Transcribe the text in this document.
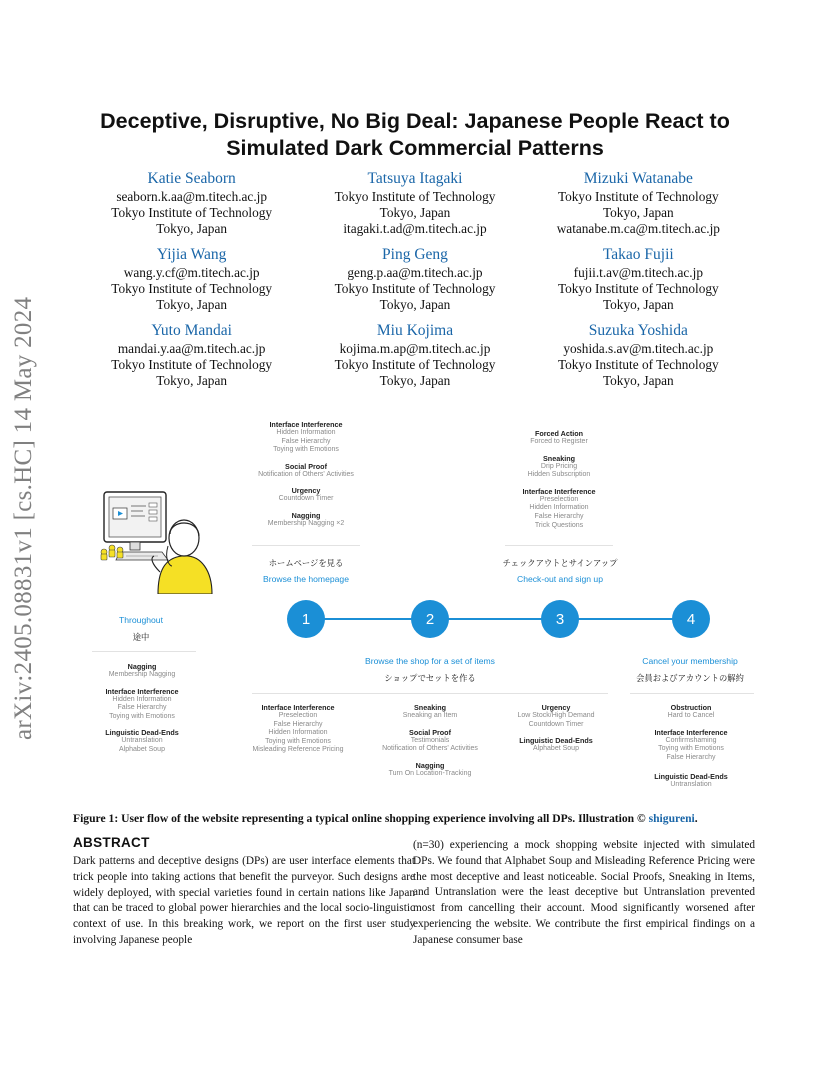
arXiv:2405.08831v1 [cs.HC] 14 May 2024
Deceptive, Disruptive, No Big Deal: Japanese People React to
Simulated Dark Commercial Patterns
Katie Seaborn
seaborn.k.aa@m.titech.ac.jp
Tokyo Institute of Technology
Tokyo, Japan
Tatsuya Itagaki
Tokyo Institute of Technology
Tokyo, Japan
itagaki.t.ad@m.titech.ac.jp
Mizuki Watanabe
Tokyo Institute of Technology
Tokyo, Japan
watanabe.m.ca@m.titech.ac.jp
Yijia Wang
wang.y.cf@m.titech.ac.jp
Tokyo Institute of Technology
Tokyo, Japan
Ping Geng
geng.p.aa@m.titech.ac.jp
Tokyo Institute of Technology
Tokyo, Japan
Takao Fujii
fujii.t.av@m.titech.ac.jp
Tokyo Institute of Technology
Tokyo, Japan
Yuto Mandai
mandai.y.aa@m.titech.ac.jp
Tokyo Institute of Technology
Tokyo, Japan
Miu Kojima
kojima.m.ap@m.titech.ac.jp
Tokyo Institute of Technology
Tokyo, Japan
Suzuka Yoshida
yoshida.s.av@m.titech.ac.jp
Tokyo Institute of Technology
Tokyo, Japan
1	2	3	4
ホームページを見る
Browse the homepage
チェックアウトとサインアップ
Check-out and sign up
Browse the shop for a set of items
ショップでセットを作る
Cancel your membership
会員およびアカウントの解約
Throughout
途中
Interface Interference
Hidden Information
False Hierarchy
Toying with Emotions
Social Proof
Notification of Others' Activities
Urgency
Countdown Timer
Nagging
Membership Nagging ×2
Forced Action
Forced to Register
Sneaking
Drip Pricing
Hidden Subscription
Interface Interference
Preselection
Hidden Information
False Hierarchy
Trick Questions
Nagging
Membership Nagging
Interface Interference
Hidden Information
False Hierarchy
Toying with Emotions
Linguistic Dead-Ends
Untranslation
Alphabet Soup
Interface Interference
Preselection
False Hierarchy
Hidden Information
Toying with Emotions
Misleading Reference Pricing
Sneaking
Sneaking an Item
Social Proof
Testimonials
Notification of Others' Activities
Nagging
Turn On Location-Tracking
Urgency
Low Stock/High Demand
Countdown Timer
Linguistic Dead-Ends
Alphabet Soup
Obstruction
Hard to Cancel
Interface Interference
Confirmshaming
Toying with Emotions
False Hierarchy
Linguistic Dead-Ends
Untranslation
Figure 1: User flow of the website representing a typical online shopping experience involving all DPs. Illustration © shigureni.
ABSTRACT
Dark patterns and deceptive designs (DPs) are user interface elements that trick people into taking actions that benefit the purveyor. Such designs are widely deployed, with special varieties found in certain nations like Japan that can be traced to global power hierarchies and the local socio-linguistic context of use. In this breaking work, we report on the first user study involving Japanese people
(n=30) experiencing a mock shopping website injected with simulated DPs. We found that Alphabet Soup and Misleading Reference Pricing were the most deceptive and least noticeable. Social Proofs, Sneaking in Items, and Untranslation were the least deceptive but Untranslation prevented most from cancelling their account. Mood significantly worsened after experiencing the website. We contribute the first empirical findings on a Japanese consumer base
